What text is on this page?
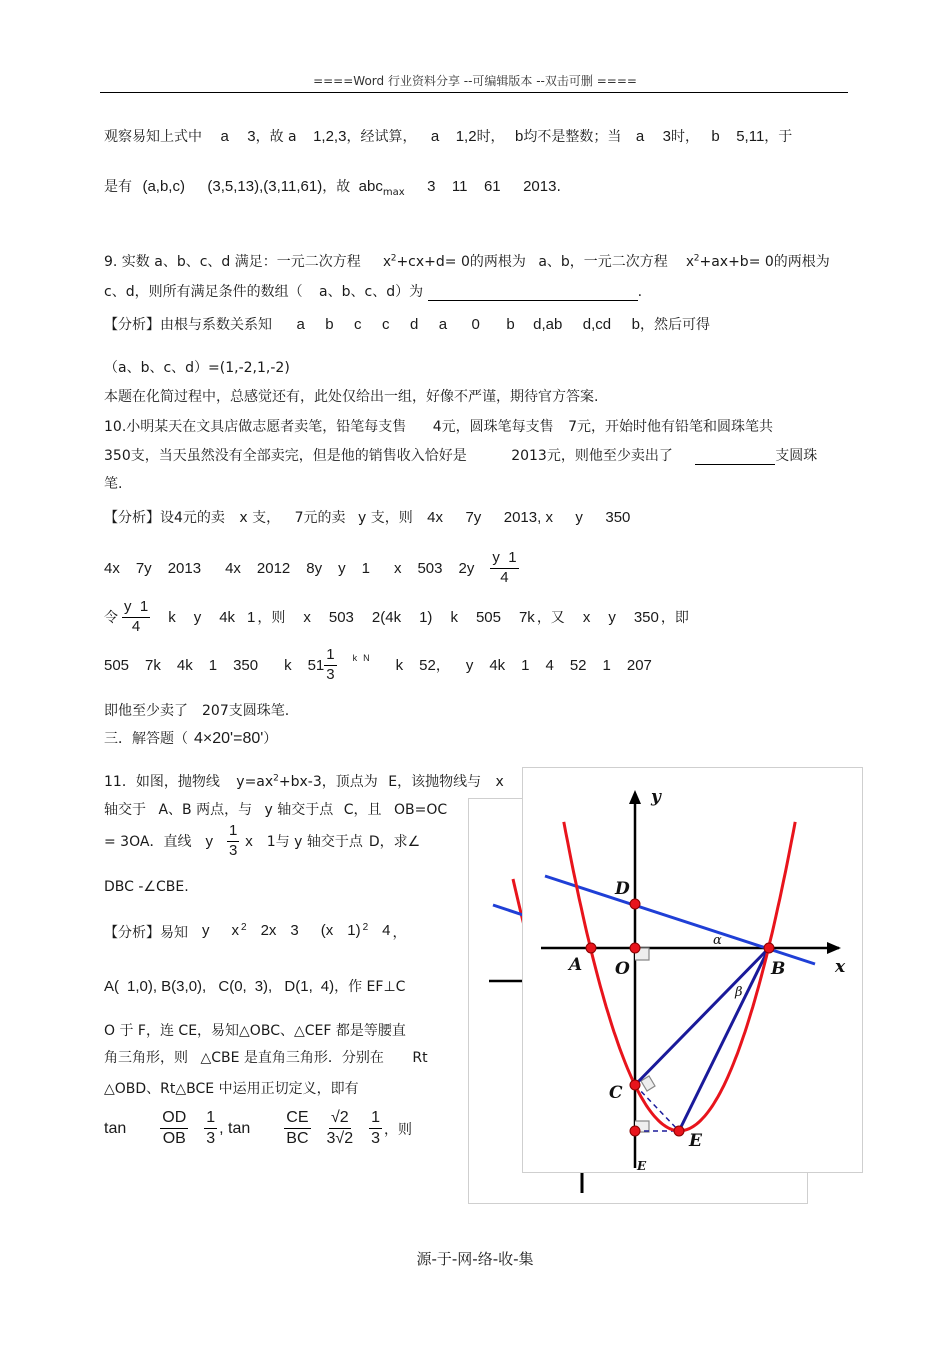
====Word 行业资料分享 --可编辑版本 --双击可删 ====
观察易知上式中 a 3，故 a 1,2,3，经试算， a 1,2时， b均不是整数；当 a 3时， b 5,11，于
是有 (a,b,c) (3,5,13),(3,11,61)，故 abc$_{max}$ 3 11 61 2013.
9. 实数 a、b、c、d 满足：一元二次方程 $x^2+cx+d= 0$的两根为 a、b，一元二次方程 $x^2+ax+b= 0$的两根为
c、d，则所有满足条件的数组（ a、b、c、d）为	.
【分析】由根与系数关系知 a b c c d a 0 b d,ab d,cd b，然后可得
（a、b、c、d）=(1,-2,1,-2)
本题在化简过程中，总感觉还有，此处仅给出一组，好像不严谨，期待官方答案.
10.小明某天在文具店做志愿者卖笔，铅笔每支售 4元，圆珠笔每支售 7元，开始时他有铅笔和圆珠笔共
350支，当天虽然没有全部卖完，但是他的销售收入恰好是	2013元，则他至少卖出了	支圆珠
笔.
【分析】设4元的卖 x 支， 7元的卖 y 支，则 4x 7y 2013, x y 350
4x 7y 2013 4x 2012 8y y 1 x 503 $2y \frac{y 1}{4}$
令 $\frac{y 1}{4}$ k y 4k 1 ，则 x 503 2(4k 1) k 505 7k ，又 x y 350 ，即
505 7k 4k 1 350 k $51 \frac{1}{3}$ k N k 52 ， y 4k 1 4 52 1 207
即他至少卖了　207支圆珠笔.
三．解答题（ 4×20'=80'）
11．如图，抛物线 $y=ax^2+bx-3$，顶点为 E，该抛物线与 x
轴交于 A、B 两点，与 y 轴交于点 C，且 OB=OC
= 3OA．直线 y $\frac{1}{3}$ x 1与 y 轴交于点 D，求∠
DBC -∠CBE.
【分析】易知 y $x^2$ 2x 3 (x 1)$^2$ 4 ，
A( 1,0), B(3,0), C(0, 3), D(1, 4)，作 EF⊥C
O 于 F，连 CE，易知△OBC、△CEF 都是等腰直
角三角形，则 △CBE 是直角三角形．分别在 Rt
△OBD、Rt△BCE 中运用正切定义，即有
$\tan \frac{OD}{OB} \frac{1}{3}$ , $\tan \frac{CE}{BC} \frac{√2}{3√2} \frac{1}{3}$ ，则
y
x
D
A O	B
C
E
E
α
β
源-于-网-络-收-集
